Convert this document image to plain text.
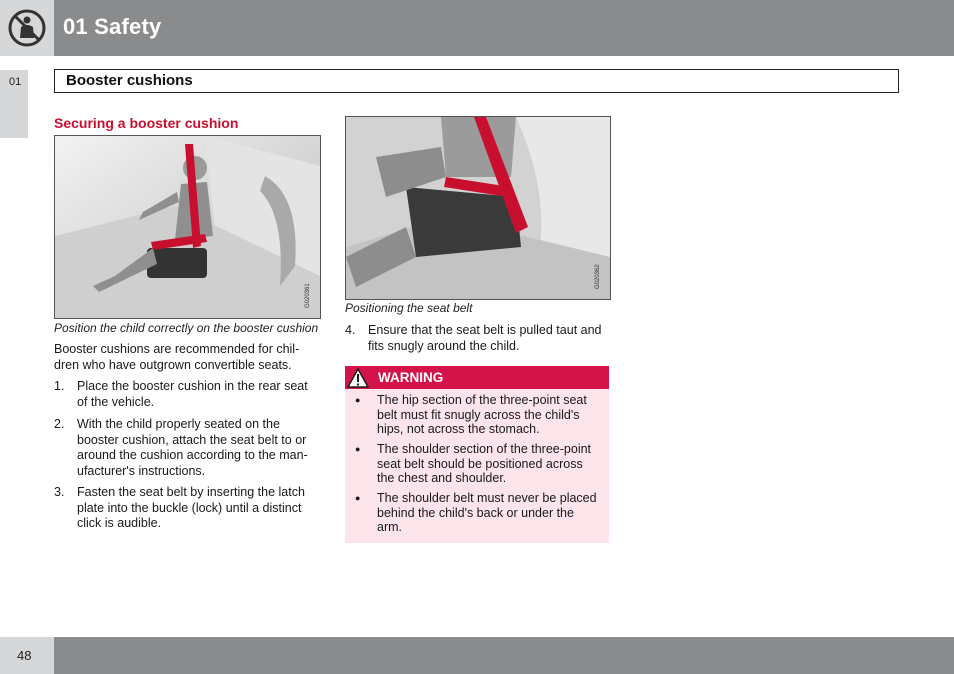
01 Safety
01	Booster cushions
Securing a booster cushion
G020361
Position the child correctly on the booster cushion
Booster cushions are recommended for chil-
dren who have outgrown convertible seats.
1. Place the booster cushion in the rear seat
of the vehicle.
2. With the child properly seated on the
booster cushion, attach the seat belt to or
around the cushion according to the man-
ufacturer's instructions.
3. Fasten the seat belt by inserting the latch
plate into the buckle (lock) until a distinct
click is audible.
G020362
Positioning the seat belt
4. Ensure that the seat belt is pulled taut and
fits snugly around the child.
WARNING
● The hip section of the three-point seat
belt must fit snugly across the child's
hips, not across the stomach.
● The shoulder section of the three-point
seat belt should be positioned across
the chest and shoulder.
● The shoulder belt must never be placed
behind the child's back or under the
arm.
48
